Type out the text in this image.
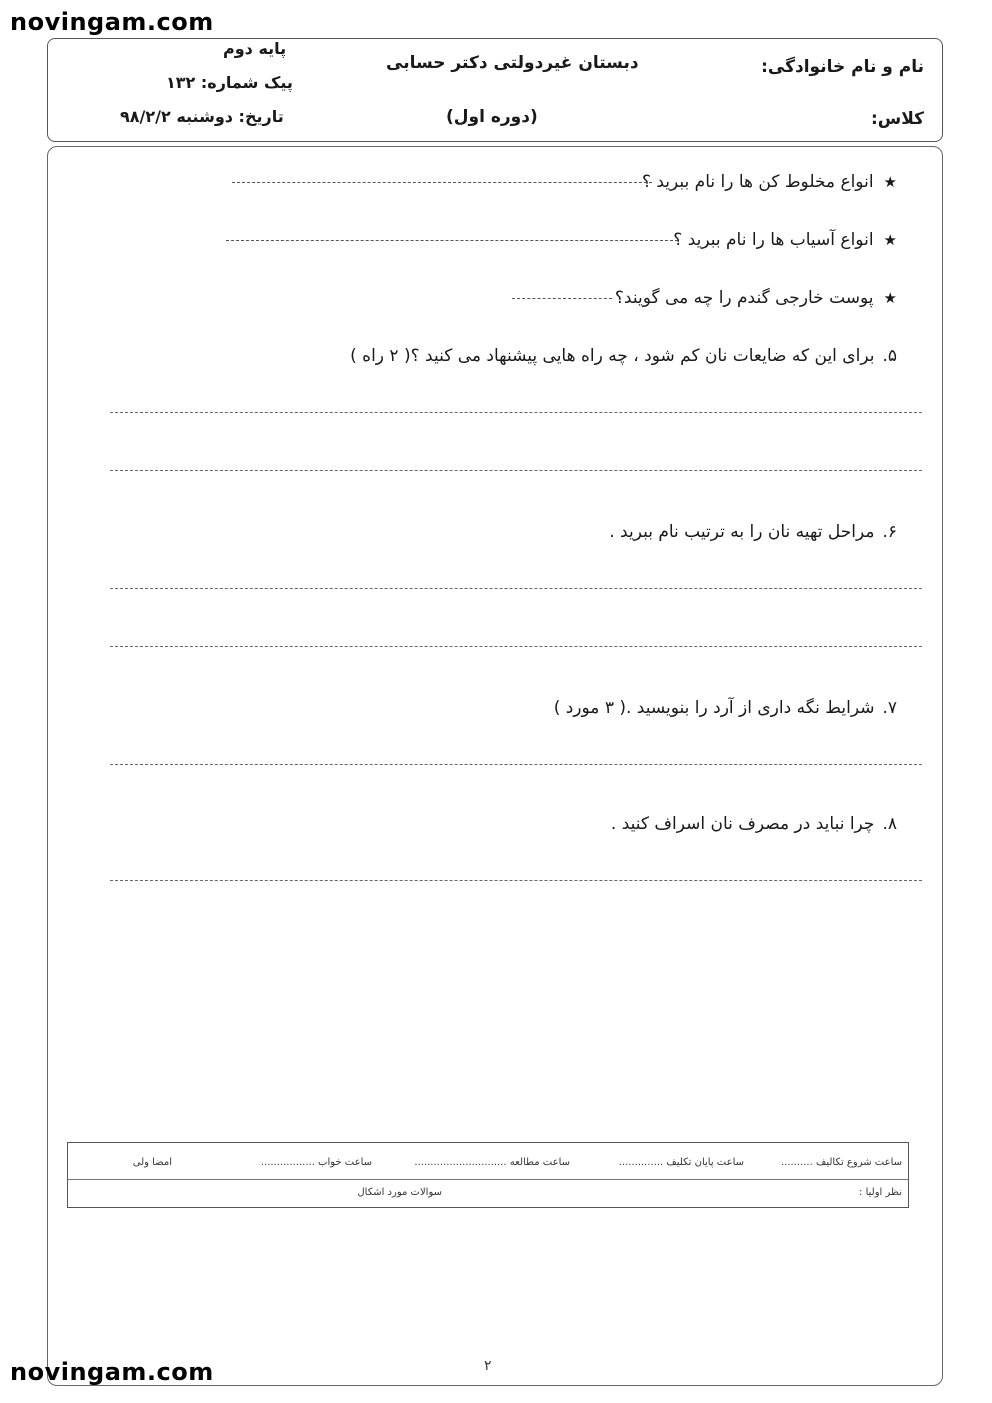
novingam.com
نام و نام خانوادگی:
کلاس:
دبستان غیردولتی دکتر حسابی
(دوره اول)
پایه دوم
پیک شماره: ۱۳۲
تاریخ: دوشنبه ۹۸/۲/۲
★انواع مخلوط کن ها را نام ببرید ؟
★انواع آسیاب ها را نام ببرید ؟
★پوست خارجی گندم را چه می گویند؟
۵.برای این که ضایعات نان کم شود ، چه راه هایی پیشنهاد می کنید ؟( ۲ راه )
۶.مراحل تهیه نان را به ترتیب نام ببرید .
۷.شرایط نگه داری از آرد را بنویسید .( ۳ مورد )
۸.چرا نباید در مصرف نان اسراف کنید .
ساعت شروع تکالیف ..........
ساعت پایان تکلیف ..............
ساعت مطالعه .............................
ساعت خواب .................
امضا ولی
نظر اولیا :
سوالات مورد اشکال
۲
novingam.com
